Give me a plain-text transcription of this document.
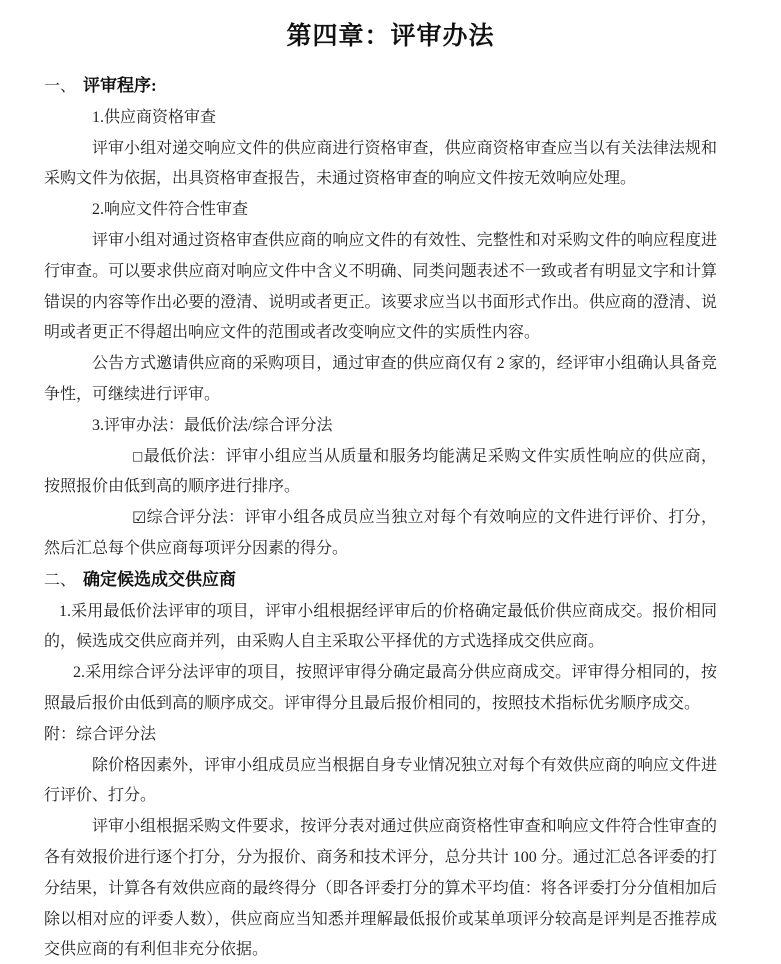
第四章：评审办法

一、 评审程序:

1.供应商资格审查

评审小组对递交响应文件的供应商进行资格审查，供应商资格审查应当以有关法律法规和采购文件为依据，出具资格审查报告，未通过资格审查的响应文件按无效响应处理。

2.响应文件符合性审查

评审小组对通过资格审查供应商的响应文件的有效性、完整性和对采购文件的响应程度进行审查。可以要求供应商对响应文件中含义不明确、同类问题表述不一致或者有明显文字和计算错误的内容等作出必要的澄清、说明或者更正。该要求应当以书面形式作出。供应商的澄清、说明或者更正不得超出响应文件的范围或者改变响应文件的实质性内容。

公告方式邀请供应商的采购项目，通过审查的供应商仅有 2 家的，经评审小组确认具备竞争性，可继续进行评审。

3.评审办法：最低价法/综合评分法

□最低价法：评审小组应当从质量和服务均能满足采购文件实质性响应的供应商，按照报价由低到高的顺序进行排序。

☑综合评分法：评审小组各成员应当独立对每个有效响应的文件进行评价、打分，然后汇总每个供应商每项评分因素的得分。

二、 确定候选成交供应商

1.采用最低价法评审的项目，评审小组根据经评审后的价格确定最低价供应商成交。报价相同的，候选成交供应商并列，由采购人自主采取公平择优的方式选择成交供应商。

2.采用综合评分法评审的项目，按照评审得分确定最高分供应商成交。评审得分相同的，按照最后报价由低到高的顺序成交。评审得分且最后报价相同的，按照技术指标优劣顺序成交。

附：综合评分法

除价格因素外，评审小组成员应当根据自身专业情况独立对每个有效供应商的响应文件进行评价、打分。

评审小组根据采购文件要求，按评分表对通过供应商资格性审查和响应文件符合性审查的各有效报价进行逐个打分，分为报价、商务和技术评分，总分共计 100 分。通过汇总各评委的打分结果，计算各有效供应商的最终得分（即各评委打分的算术平均值：将各评委打分分值相加后除以相对应的评委人数），供应商应当知悉并理解最低报价或某单项评分较高是评判是否推荐成交供应商的有利但非充分依据。
